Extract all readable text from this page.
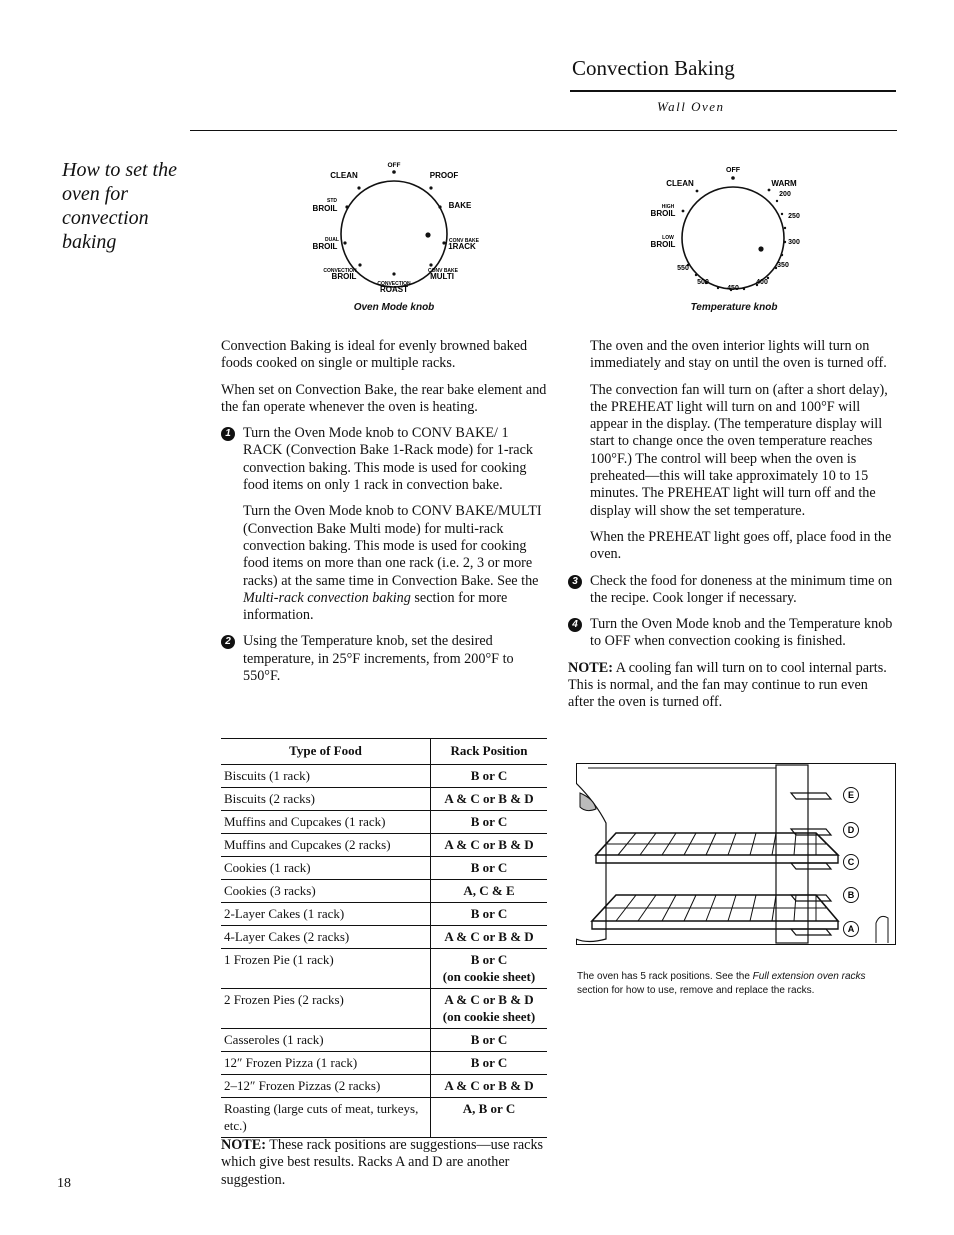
Convection Baking
Wall Oven
How to set the oven for convection baking
OFF
CLEAN	PROOF
STD
BROIL	BAKE
DUAL
BROIL
CONV BAKE
1RACK
CONVECTION
BROIL
CONVECTION
ROAST
CONV BAKE
MULTI
Oven Mode knob
OFF
CLEAN	WARM
HIGH
BROIL
LOW
BROIL
200
250
300
350
400
450
500
550
Temperature knob

Convection Baking is ideal for evenly browned baked foods cooked on single or multiple racks.

When set on Convection Bake, the rear bake element and the fan operate whenever the oven is heating.

1 Turn the Oven Mode knob to CONV BAKE/ 1 RACK (Convection Bake 1-Rack mode) for 1-rack convection baking. This mode is used for cooking food items on only 1 rack in convection bake.

Turn the Oven Mode knob to CONV BAKE/MULTI (Convection Bake Multi mode) for multi-rack convection baking. This mode is used for cooking food items on more than one rack (i.e. 2, 3 or more racks) at the same time in Convection Bake. See the Multi-rack convection baking section for more information.

2 Using the Temperature knob, set the desired temperature, in 25°F increments, from 200°F to 550°F.

Type of Food	Rack Position
Biscuits (1 rack)	B or C

Biscuits (2 racks)	A & C or B & D

Muffins and Cupcakes (1 rack)	B or C

Muffins and Cupcakes (2 racks)	A & C or B & D

Cookies (1 rack)	B or C

Cookies (3 racks)	A, C & E

2-Layer Cakes (1 rack)	B or C

4-Layer Cakes (2 racks)	A & C or B & D

1 Frozen Pie (1 rack)	B or C
(on cookie sheet)

2 Frozen Pies (2 racks)	A & C or B & D
(on cookie sheet)

Casseroles (1 rack)	B or C

12″ Frozen Pizza (1 rack)	B or C

2–12″ Frozen Pizzas (2 racks)	A & C or B & D

Roasting (large cuts of meat, turkeys, etc.)	A, B or C
NOTE: These rack positions are suggestions—use racks which give best results. Racks A and D are another suggestion.

The oven and the oven interior lights will turn on immediately and stay on until the oven is turned off.

The convection fan will turn on (after a short delay), the PREHEAT light will turn on and 100°F will appear in the display. (The temperature display will start to change once the oven temperature reaches 100°F.) The control will beep when the oven is preheated—this will take approximately 10 to 15 minutes. The PREHEAT light will turn off and the display will show the set temperature.

When the PREHEAT light goes off, place food in the oven.

3 Check the food for doneness at the minimum time on the recipe. Cook longer if necessary.

4 Turn the Oven Mode knob and the Temperature knob to OFF when convection cooking is finished.

NOTE: A cooling fan will turn on to cool internal parts. This is normal, and the fan may continue to run even after the oven is turned off.

E
D
C
B
A
The oven has 5 rack positions. See the Full extension oven racks section for how to use, remove and replace the racks.
18
